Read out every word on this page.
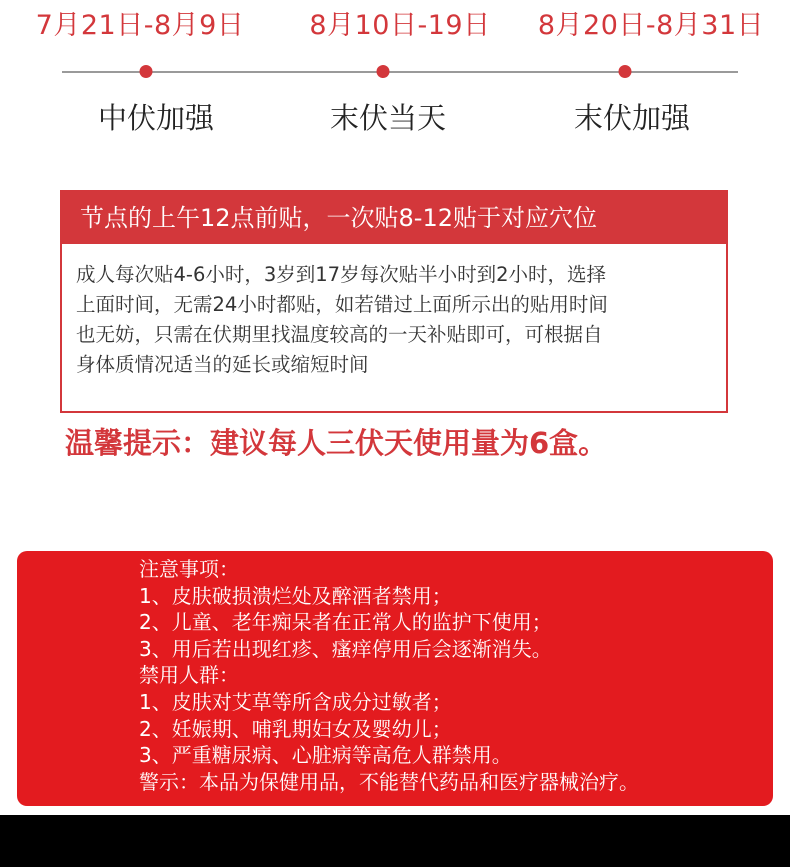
7月21日-8月9日 8月10日-19日 8月20日-8月31日
中伏加强	末伏当天	末伏加强
节点的上午12点前贴，一次贴8-12贴于对应穴位
成人每次贴4-6小时，3岁到17岁每次贴半小时到2小时，选择
上面时间，无需24小时都贴，如若错过上面所示出的贴用时间
也无妨，只需在伏期里找温度较高的一天补贴即可，可根据自
身体质情况适当的延长或缩短时间
温馨提示：建议每人三伏天使用量为6盒。
注意事项：
1、皮肤破损溃烂处及醉酒者禁用；
2、儿童、老年痴呆者在正常人的监护下使用；
3、用后若出现红疹、瘙痒停用后会逐渐消失。
禁用人群：
1、皮肤对艾草等所含成分过敏者；
2、妊娠期、哺乳期妇女及婴幼儿；
3、严重糖尿病、心脏病等高危人群禁用。
警示：本品为保健用品，不能替代药品和医疗器械治疗。
